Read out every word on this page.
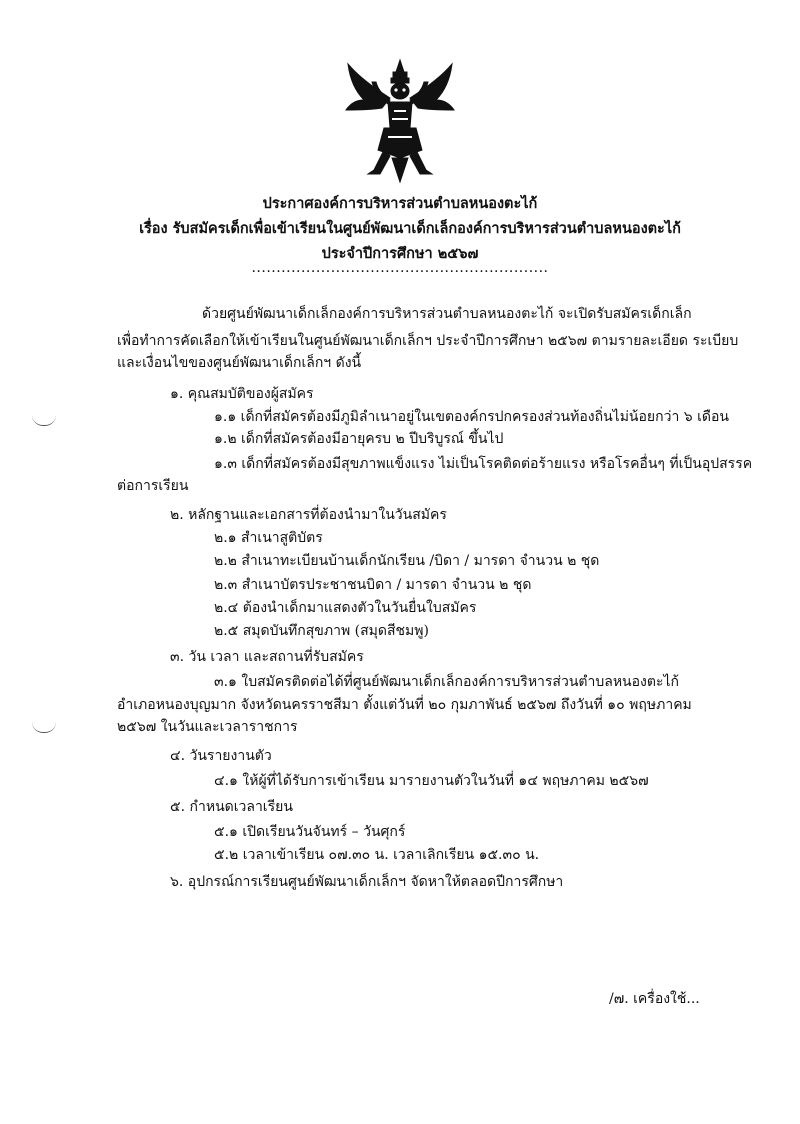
ประกาศองค์การบริหารส่วนตำบลหนองตะไก้
เรื่อง รับสมัครเด็กเพื่อเข้าเรียนในศูนย์พัฒนาเด็กเล็กองค์การบริหารส่วนตำบลหนองตะไก้
ประจำปีการศึกษา ๒๕๖๗
............................................................
ด้วยศูนย์พัฒนาเด็กเล็กองค์การบริหารส่วนตำบลหนองตะไก้ จะเปิดรับสมัครเด็กเล็ก
เพื่อทำการคัดเลือกให้เข้าเรียนในศูนย์พัฒนาเด็กเล็กฯ ประจำปีการศึกษา ๒๕๖๗ ตามรายละเอียด ระเบียบ
และเงื่อนไขของศูนย์พัฒนาเด็กเล็กฯ ดังนี้
๑. คุณสมบัติของผู้สมัคร
๑.๑ เด็กที่สมัครต้องมีภูมิลำเนาอยู่ในเขตองค์กรปกครองส่วนท้องถิ่นไม่น้อยกว่า ๖ เดือน
๑.๒ เด็กที่สมัครต้องมีอายุครบ ๒ ปีบริบูรณ์ ขึ้นไป
๑.๓ เด็กที่สมัครต้องมีสุขภาพแข็งแรง ไม่เป็นโรคติดต่อร้ายแรง หรือโรคอื่นๆ ที่เป็นอุปสรรค
ต่อการเรียน
๒. หลักฐานและเอกสารที่ต้องนำมาในวันสมัคร
๒.๑ สำเนาสูติบัตร
๒.๒ สำเนาทะเบียนบ้านเด็กนักเรียน /บิดา / มารดา จำนวน ๒ ชุด
๒.๓ สำเนาบัตรประชาชนบิดา / มารดา จำนวน ๒ ชุด
๒.๔ ต้องนำเด็กมาแสดงตัวในวันยื่นใบสมัคร
๒.๕ สมุดบันทึกสุขภาพ (สมุดสีชมพู)
๓. วัน เวลา และสถานที่รับสมัคร
๓.๑ ใบสมัครติดต่อได้ที่ศูนย์พัฒนาเด็กเล็กองค์การบริหารส่วนตำบลหนองตะไก้
อำเภอหนองบุญมาก จังหวัดนครราชสีมา ตั้งแต่วันที่ ๒๐ กุมภาพันธ์ ๒๕๖๗ ถึงวันที่ ๑๐ พฤษภาคม
๒๕๖๗ ในวันและเวลาราชการ
๔. วันรายงานตัว
๔.๑ ให้ผู้ที่ได้รับการเข้าเรียน มารายงานตัวในวันที่ ๑๔ พฤษภาคม ๒๕๖๗
๕. กำหนดเวลาเรียน
๕.๑ เปิดเรียนวันจันทร์ – วันศุกร์
๕.๒ เวลาเข้าเรียน ๐๗.๓๐ น. เวลาเลิกเรียน ๑๕.๓๐ น.
๖. อุปกรณ์การเรียนศูนย์พัฒนาเด็กเล็กฯ จัดหาให้ตลอดปีการศึกษา
/๗. เครื่องใช้...
